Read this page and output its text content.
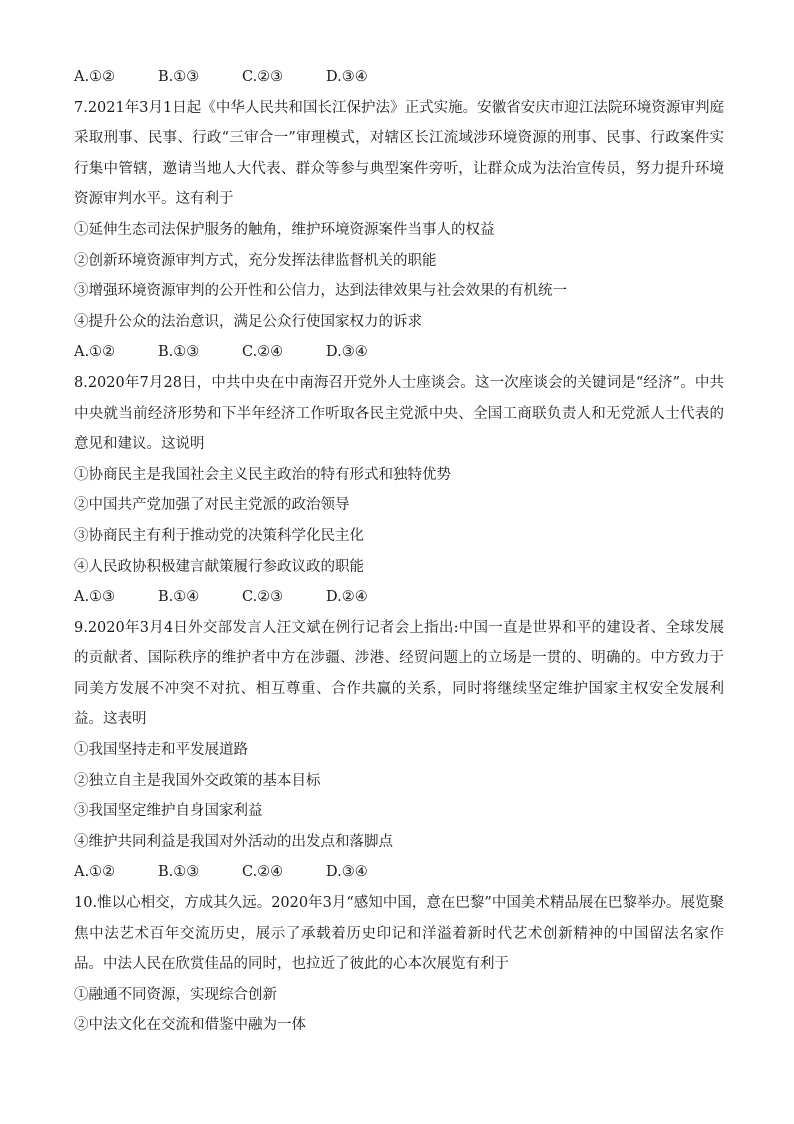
A.①②	B.①③	C.②③	D.③④
7.2021年3月1日起《中华人民共和国长江保护法》正式实施。安徽省安庆市迎江法院环境资源审判庭采取刑事、民事、行政“三审合一”审理模式，对辖区长江流域涉环境资源的刑事、民事、行政案件实行集中管辖，邀请当地人大代表、群众等参与典型案件旁听，让群众成为法治宣传员，努力提升环境资源审判水平。这有利于
①延伸生态司法保护服务的触角，维护环境资源案件当事人的权益
②创新环境资源审判方式，充分发挥法律监督机关的职能
③增强环境资源审判的公开性和公信力，达到法律效果与社会效果的有机统一
④提升公众的法治意识，满足公众行使国家权力的诉求
A.①②	B.①③	C.②④	D.③④
8.2020年7月28日，中共中央在中南海召开党外人士座谈会。这一次座谈会的关键词是“经济”。中共中央就当前经济形势和下半年经济工作听取各民主党派中央、全国工商联负责人和无党派人士代表的意见和建议。这说明
①协商民主是我国社会主义民主政治的特有形式和独特优势
②中国共产党加强了对民主党派的政治领导
③协商民主有利于推动党的决策科学化民主化
④人民政协积极建言献策履行参政议政的职能
A.①③	B.①④	C.②③	D.②④
9.2020年3月4日外交部发言人汪文斌在例行记者会上指出:中国一直是世界和平的建设者、全球发展的贡献者、国际秩序的维护者中方在涉疆、涉港、经贸问题上的立场是一贯的、明确的。中方致力于同美方发展不冲突不对抗、相互尊重、合作共赢的关系，同时将继续坚定维护国家主权安全发展利益。这表明
①我国坚持走和平发展道路
②独立自主是我国外交政策的基本目标
③我国坚定维护自身国家利益
④维护共同利益是我国对外活动的出发点和落脚点
A.①②	B.①③	C.②④	D.③④
10.惟以心相交，方成其久远。2020年3月“感知中国，意在巴黎”中国美术精品展在巴黎举办。展览聚焦中法艺术百年交流历史，展示了承载着历史印记和洋溢着新时代艺术创新精神的中国留法名家作品。中法人民在欣赏佳品的同时，也拉近了彼此的心本次展览有利于
①融通不同资源，实现综合创新
②中法文化在交流和借鉴中融为一体
